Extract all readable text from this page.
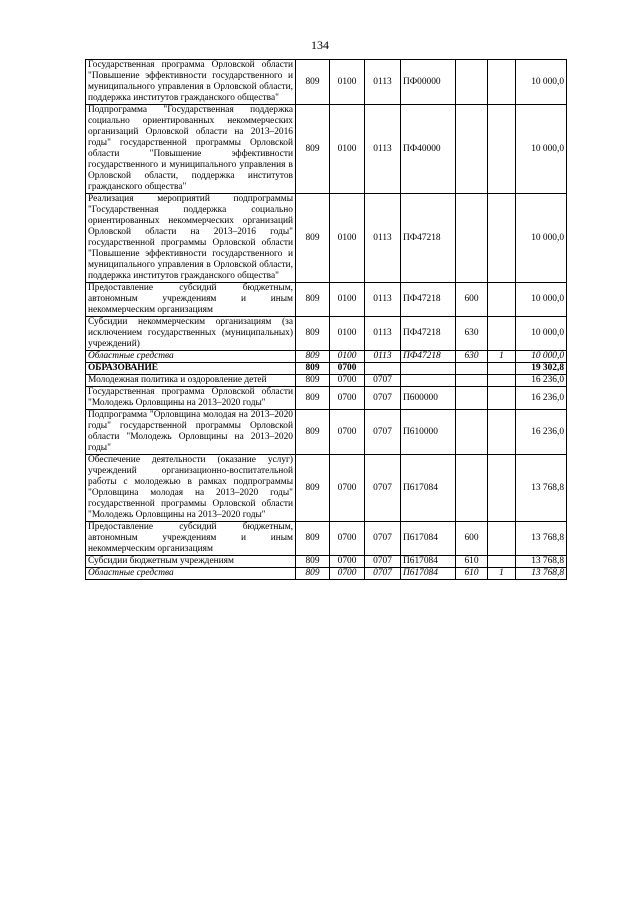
134
Государственная программа Орловской области "Повышение эффективности государственного и муниципального управления в Орловской области, поддержка институтов гражданского общества"	809	0100	0113	ПФ00000			10 000,0
Подпрограмма "Государственная поддержка социально ориентированных некоммерческих организаций Орловской области на 2013–2016 годы" государственной программы Орловской области "Повышение эффективности государственного и муниципального управления в Орловской области, поддержка институтов гражданского общества"	809	0100	0113	ПФ40000			10 000,0
Реализация мероприятий подпрограммы "Государственная поддержка социально ориентированных некоммерческих организаций Орловской области на 2013–2016 годы" государственной программы Орловской области "Повышение эффективности государственного и муниципального управления в Орловской области, поддержка институтов гражданского общества"	809	0100	0113	ПФ47218			10 000,0
Предоставление субсидий бюджетным, автономным учреждениям и иным некоммерческим организациям	809	0100	0113	ПФ47218	600		10 000,0
Субсидии некоммерческим организациям (за исключением государственных (муниципальных) учреждений)	809	0100	0113	ПФ47218	630		10 000,0
Областные средства	809	0100	0113	ПФ47218	630	1	10 000,0
ОБРАЗОВАНИЕ	809	0700					19 302,8
Молодежная политика и оздоровление детей	809	0700	0707				16 236,0
Государственная программа Орловской области "Молодежь Орловщины на 2013–2020 годы"	809	0700	0707	П600000			16 236,0
Подпрограмма "Орловщина молодая на 2013–2020 годы" государственной программы Орловской области "Молодежь Орловщины на 2013–2020 годы"	809	0700	0707	П610000			16 236,0
Обеспечение деятельности (оказание услуг) учреждений организационно-воспитательной работы с молодежью в рамках подпрограммы "Орловщина молодая на 2013–2020 годы" государственной программы Орловской области "Молодежь Орловщины на 2013–2020 годы"	809	0700	0707	П617084			13 768,8
Предоставление субсидий бюджетным, автономным учреждениям и иным некоммерческим организациям	809	0700	0707	П617084	600		13 768,8
Субсидии бюджетным учреждениям	809	0700	0707	П617084	610		13 768,8
Областные средства	809	0700	0707	П617084	610	1	13 768,8
